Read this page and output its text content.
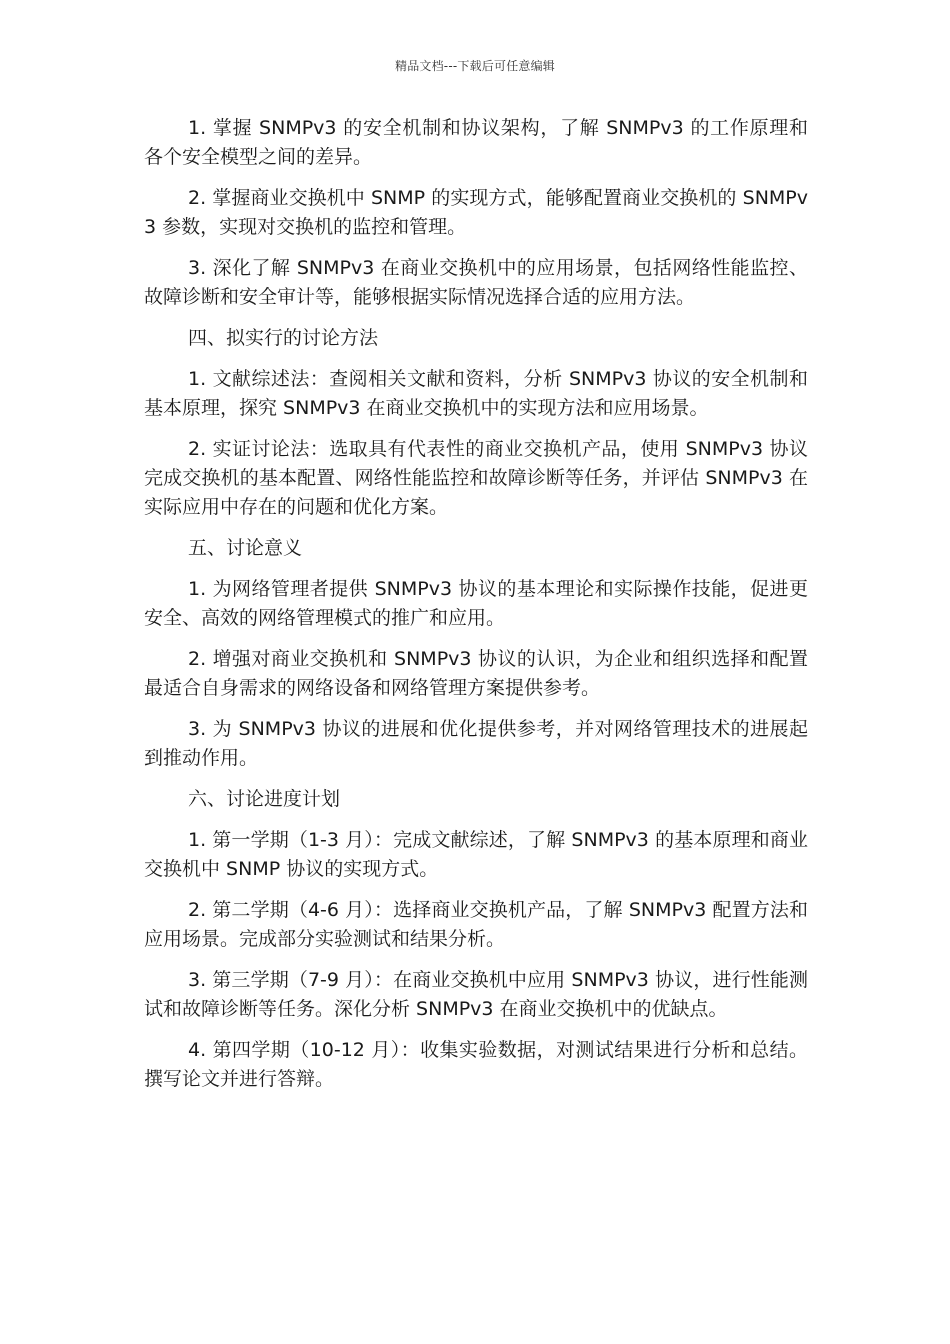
精品文档---下载后可任意编辑

1. 掌握 SNMPv3 的安全机制和协议架构，了解 SNMPv3 的工作原理和各个安全模型之间的差异。

2. 掌握商业交换机中 SNMP 的实现方式，能够配置商业交换机的 SNMPv3 参数，实现对交换机的监控和管理。

3. 深化了解 SNMPv3 在商业交换机中的应用场景，包括网络性能监控、故障诊断和安全审计等，能够根据实际情况选择合适的应用方法。

四、拟实行的讨论方法

1. 文献综述法：查阅相关文献和资料，分析 SNMPv3 协议的安全机制和基本原理，探究 SNMPv3 在商业交换机中的实现方法和应用场景。

2. 实证讨论法：选取具有代表性的商业交换机产品，使用 SNMPv3 协议完成交换机的基本配置、网络性能监控和故障诊断等任务，并评估 SNMPv3 在实际应用中存在的问题和优化方案。

五、讨论意义

1. 为网络管理者提供 SNMPv3 协议的基本理论和实际操作技能，促进更安全、高效的网络管理模式的推广和应用。

2. 增强对商业交换机和 SNMPv3 协议的认识，为企业和组织选择和配置最适合自身需求的网络设备和网络管理方案提供参考。

3. 为 SNMPv3 协议的进展和优化提供参考，并对网络管理技术的进展起到推动作用。

六、讨论进度计划

1. 第一学期（1-3 月）：完成文献综述，了解 SNMPv3 的基本原理和商业交换机中 SNMP 协议的实现方式。

2. 第二学期（4-6 月）：选择商业交换机产品，了解 SNMPv3 配置方法和应用场景。完成部分实验测试和结果分析。

3. 第三学期（7-9 月）：在商业交换机中应用 SNMPv3 协议，进行性能测试和故障诊断等任务。深化分析 SNMPv3 在商业交换机中的优缺点。

4. 第四学期（10-12 月）：收集实验数据，对测试结果进行分析和总结。撰写论文并进行答辩。
